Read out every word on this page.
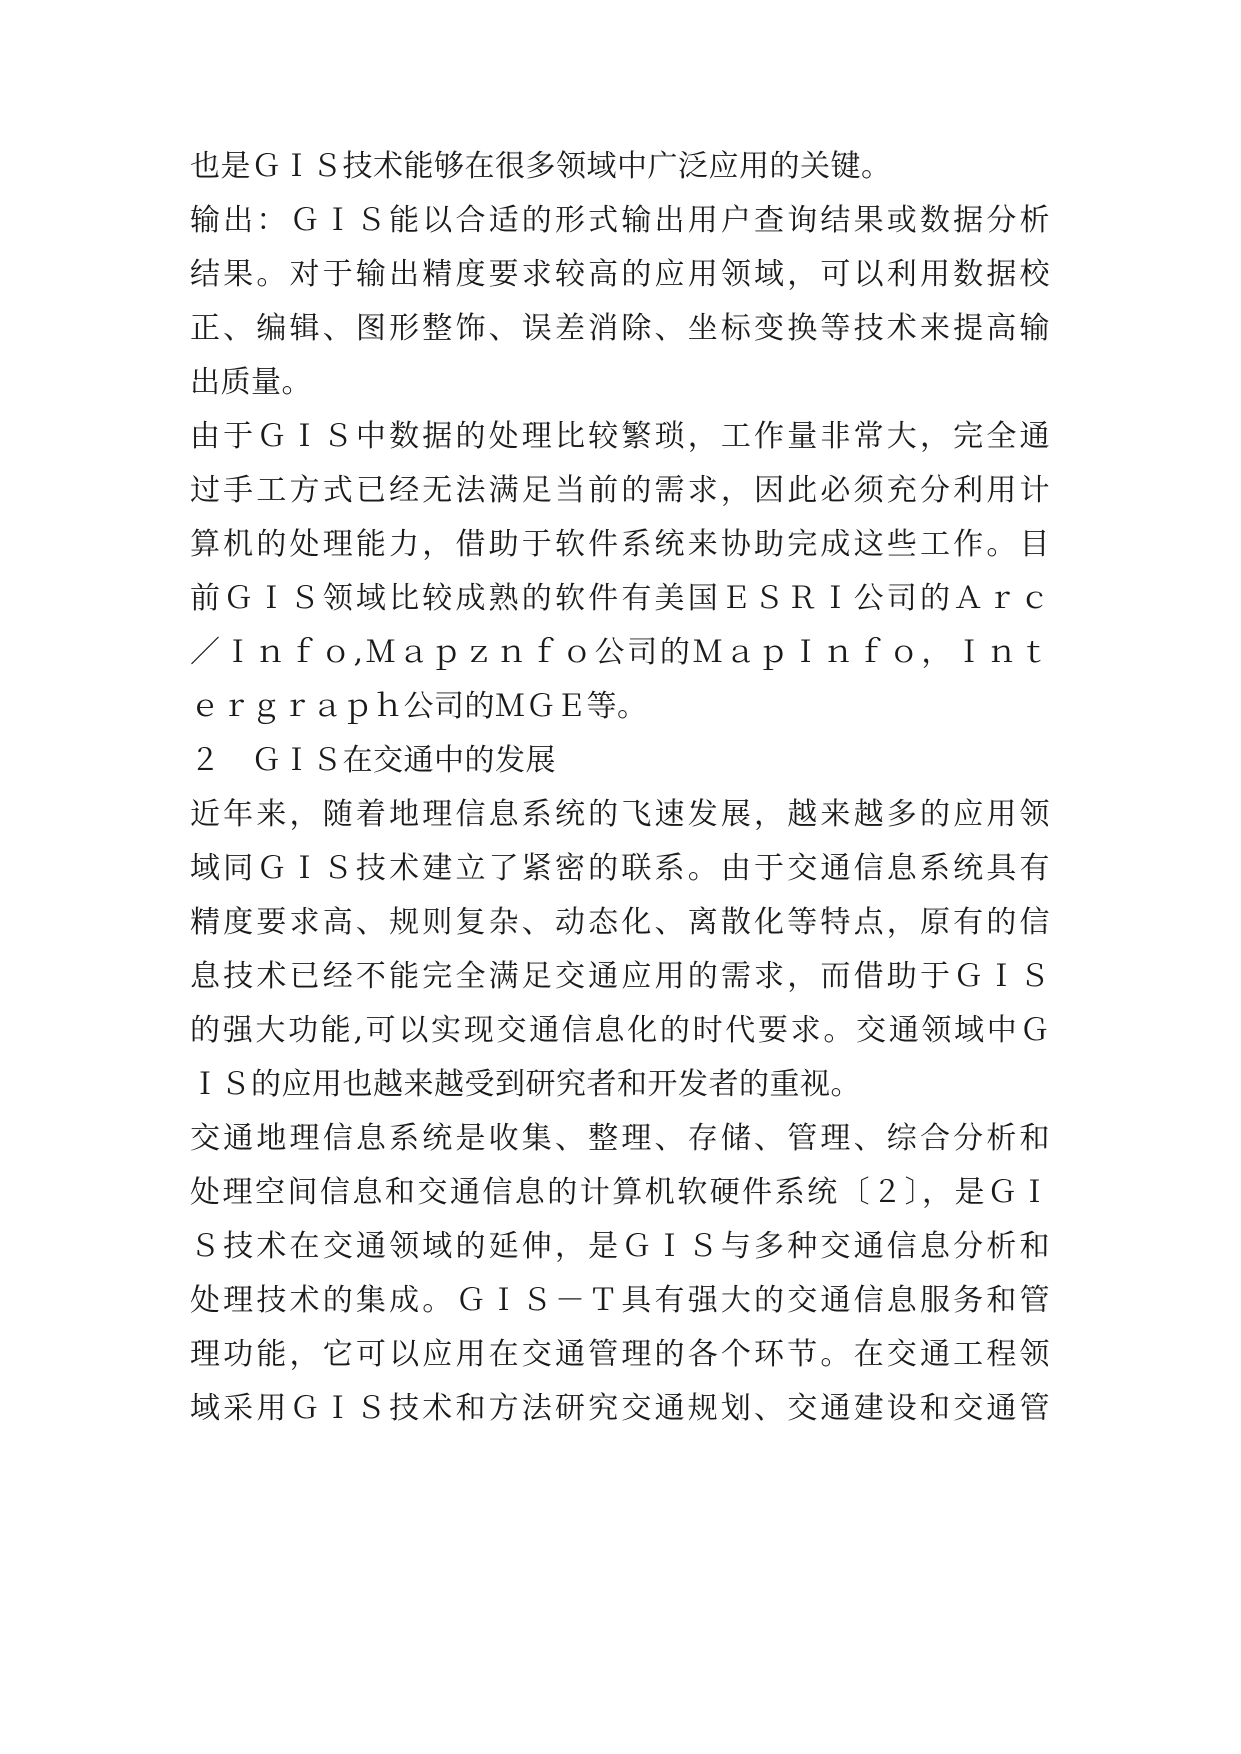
也是ＧＩＳ技术能够在很多领域中广泛应用的关键。
输出：ＧＩＳ能以合适的形式输出用户查询结果或数据分析
结果。对于输出精度要求较高的应用领域，可以利用数据校
正、编辑、图形整饰、误差消除、坐标变换等技术来提高输
出质量。
由于ＧＩＳ中数据的处理比较繁琐，工作量非常大，完全通
过手工方式已经无法满足当前的需求，因此必须充分利用计
算机的处理能力，借助于软件系统来协助完成这些工作。目
前ＧＩＳ领域比较成熟的软件有美国ＥＳＲＩ公司的Ａｒｃ
／Ｉｎｆｏ,Ｍａｐｚｎｆｏ公司的ＭａｐＩｎｆｏ，Ｉｎｔ
ｅｒｇｒａｐｈ公司的ＭＧＥ等。
２　ＧＩＳ在交通中的发展
近年来，随着地理信息系统的飞速发展，越来越多的应用领
域同ＧＩＳ技术建立了紧密的联系。由于交通信息系统具有
精度要求高、规则复杂、动态化、离散化等特点，原有的信
息技术已经不能完全满足交通应用的需求，而借助于ＧＩＳ
的强大功能,可以实现交通信息化的时代要求。交通领域中Ｇ
ＩＳ的应用也越来越受到研究者和开发者的重视。
交通地理信息系统是收集、整理、存储、管理、综合分析和
处理空间信息和交通信息的计算机软硬件系统〔２〕，是ＧＩ
Ｓ技术在交通领域的延伸，是ＧＩＳ与多种交通信息分析和
处理技术的集成。ＧＩＳ－Ｔ具有强大的交通信息服务和管
理功能，它可以应用在交通管理的各个环节。在交通工程领
域采用ＧＩＳ技术和方法研究交通规划、交通建设和交通管
